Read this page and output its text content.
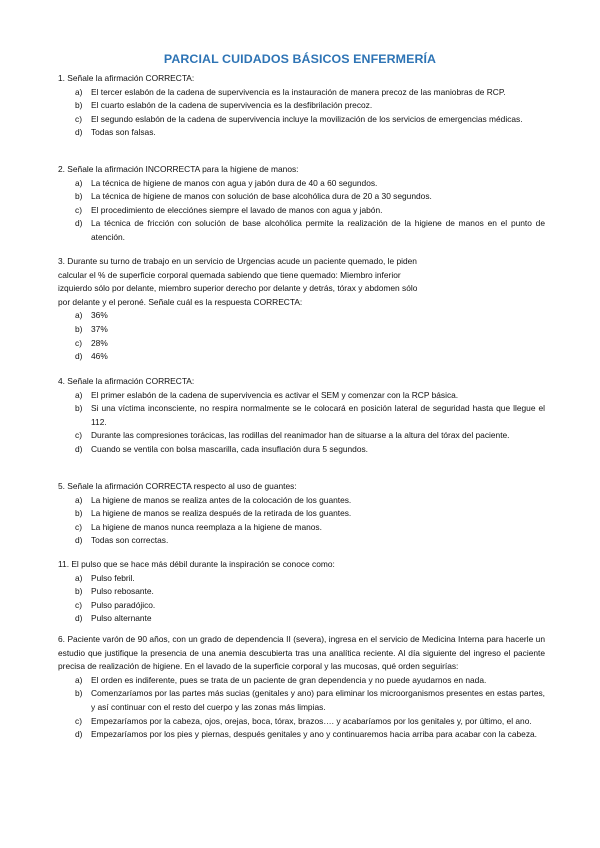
PARCIAL CUIDADOS BÁSICOS ENFERMERÍA

1. Señale la afirmación CORRECTA:

a) El tercer eslabón de la cadena de supervivencia es la instauración de manera precoz de las maniobras de RCP.
b) El cuarto eslabón de la cadena de supervivencia es la desfibrilación precoz.
c) El segundo eslabón de la cadena de supervivencia incluye la movilización de los servicios de emergencias médicas.
d) Todas son falsas.

2. Señale la afirmación INCORRECTA para la higiene de manos:

a) La técnica de higiene de manos con agua y jabón dura de 40 a 60 segundos.
b) La técnica de higiene de manos con solución de base alcohólica dura de 20 a 30 segundos.
c) El procedimiento de elecciónes siempre el lavado de manos con agua y jabón.
d) La técnica de fricción con solución de base alcohólica permite la realización de la higiene de manos en el punto de atención.

3. Durante su turno de trabajo en un servicio de Urgencias acude un paciente quemado, le piden
calcular el % de superficie corporal quemada sabiendo que tiene quemado: Miembro inferior
izquierdo sólo por delante, miembro superior derecho por delante y detrás, tórax y abdomen sólo
por delante y el peroné. Señale cuál es la respuesta CORRECTA:

a) 36%
b) 37%
c) 28%
d) 46%

4. Señale la afirmación CORRECTA:

a) El primer eslabón de la cadena de supervivencia es activar el SEM y comenzar con la RCP básica.
b) Si una víctima inconsciente, no respira normalmente se le colocará en posición lateral de seguridad hasta que llegue el 112.
c) Durante las compresiones torácicas, las rodillas del reanimador han de situarse a la altura del tórax del paciente.
d) Cuando se ventila con bolsa mascarilla, cada insuflación dura 5 segundos.

5. Señale la afirmación CORRECTA respecto al uso de guantes:

a) La higiene de manos se realiza antes de la colocación de los guantes.
b) La higiene de manos se realiza después de la retirada de los guantes.
c) La higiene de manos nunca reemplaza a la higiene de manos.
d) Todas son correctas.

11. El pulso que se hace más débil durante la inspiración se conoce como:

a) Pulso febril.
b) Pulso rebosante.
c) Pulso paradójico.
d) Pulso alternante

6. Paciente varón de 90 años, con un grado de dependencia II (severa), ingresa en el servicio de Medicina Interna para hacerle un estudio que justifique la presencia de una anemia descubierta tras una analítica reciente. Al día siguiente del ingreso el paciente precisa de realización de higiene. En el lavado de la superficie corporal y las mucosas, qué orden seguirías:

a) El orden es indiferente, pues se trata de un paciente de gran dependencia y no puede ayudarnos en nada.
b) Comenzaríamos por las partes más sucias (genitales y ano) para eliminar los microorganismos presentes en estas partes, y así continuar con el resto del cuerpo y las zonas más limpias.
c) Empezaríamos por la cabeza, ojos, orejas, boca, tórax, brazos…. y acabaríamos por los genitales y, por último, el ano.
d) Empezaríamos por los pies y piernas, después genitales y ano y continuaremos hacia arriba para acabar con la cabeza.
